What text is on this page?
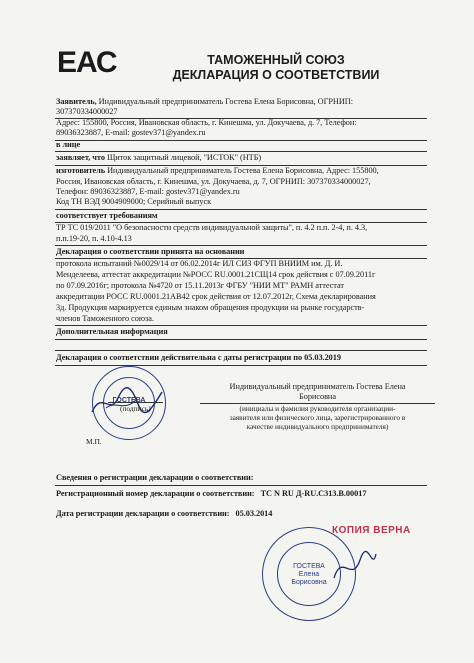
ЕАС	ТАМОЖЕННЫЙ СОЮЗ
ДЕКЛАРАЦИЯ О СООТВЕТСТВИИ
Заявитель, Индивидуальный предприниматель Гостева Елена Борисовна, ОГРНИП:
307370334000027
Адрес: 155800, Россия, Ивановская область, г. Кинешма, ул. Докучаева, д. 7, Телефон:
89036323887, E-mail: gostev371@yandex.ru
в лице
заявляет, что Щиток защитный лицевой, "ИСТОК" (НТБ)
изготовитель Индивидуальный предприниматель Гостева Елена Борисовна, Адрес: 155800,
Россия, Ивановская область, г. Кинешма, ул. Докучаева, д. 7, ОГРНИП: 307370334000027,
Телефон: 89036323887, E-mail: gostev371@yandex.ru
Код ТН ВЭД 9004909000; Серийный выпуск
соответствует требованиям
ТР ТС 019/2011 "О безопасности средств индивидуальной защиты", п. 4.2 п.п. 2-4, п. 4.3,
п.п.19-20, п. 4.10-4.13
Декларация о соответствии принята на основании
протокола испытаний №0029/14 от 06.02.2014г ИЛ СИЗ ФГУП ВНИИМ им. Д. И.
Менделеева, аттестат аккредитации №РОСС RU.0001.21СЩ14 срок действия с 07.09.2011г
по 07.09.2016г; протокола №4720 от 15.11.2013г ФГБУ "НИИ МТ" РАМН аттестат
аккредитации РОСС RU.0001.21АВ42 срок действия от 12.07.2012г, Схема декларирования
3д. Продукция маркируется единым знаком обращения продукции на рынке государств-
членов Таможенного союза.
Дополнительная информация
Декларация о соответствии действительна с даты регистрации по 05.03.2019
ГОСТЕВА
(подпись)
М.П.
Индивидуальный предприниматель Гостева Елена
Борисовна
(инициалы и фамилия руководителя организации-
заявителя или физического лица, зарегистрированного в
качестве индивидуального предпринимателя)
Сведения о регистрации декларации о соответствии:
Регистрационный номер декларации о соответствии: ТС N RU Д-RU.С313.В.00017
Дата регистрации декларации о соответствии: 05.03.2014
КОПИЯ ВЕРНА
ГОСТЕВА
Елена
Борисовна
